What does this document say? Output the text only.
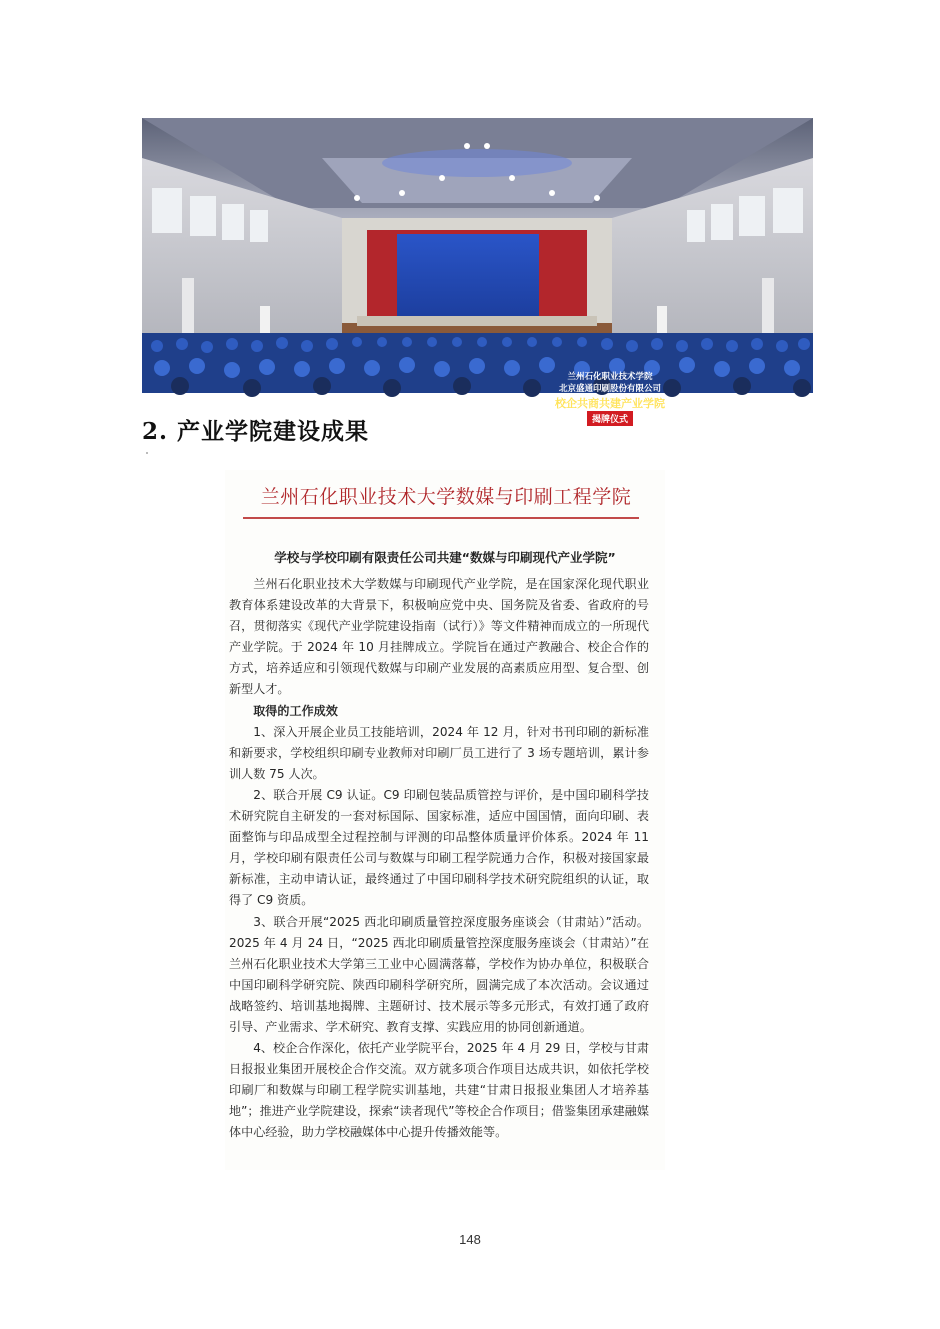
兰州石化职业技术学院
北京盛通印刷股份有限公司
校企共商共建产业学院
揭牌仪式
2. 产业学院建设成果
兰州石化职业技术大学数媒与印刷工程学院
学校与学校印刷有限责任公司共建“数媒与印刷现代产业学院”

兰州石化职业技术大学数媒与印刷现代产业学院，是在国家深化现代职业教育体系建设改革的大背景下，积极响应党中央、国务院及省委、省政府的号召，贯彻落实《现代产业学院建设指南（试行）》等文件精神而成立的一所现代产业学院。于 2024 年 10 月挂牌成立。学院旨在通过产教融合、校企合作的方式，培养适应和引领现代数媒与印刷产业发展的高素质应用型、复合型、创新型人才。

取得的工作成效

1、深入开展企业员工技能培训，2024 年 12 月，针对书刊印刷的新标准和新要求，学校组织印刷专业教师对印刷厂员工进行了 3 场专题培训，累计参训人数 75 人次。

2、联合开展 C9 认证。C9 印刷包装品质管控与评价，是中国印刷科学技术研究院自主研发的一套对标国际、国家标准，适应中国国情，面向印刷、表面整饰与印品成型全过程控制与评测的印品整体质量评价体系。2024 年 11 月，学校印刷有限责任公司与数媒与印刷工程学院通力合作，积极对接国家最新标准，主动申请认证，最终通过了中国印刷科学技术研究院组织的认证，取得了 C9 资质。

3、联合开展“2025 西北印刷质量管控深度服务座谈会（甘肃站）”活动。2025 年 4 月 24 日，“2025 西北印刷质量管控深度服务座谈会（甘肃站）”在兰州石化职业技术大学第三工业中心圆满落幕，学校作为协办单位，积极联合中国印刷科学研究院、陕西印刷科学研究所，圆满完成了本次活动。会议通过战略签约、培训基地揭牌、主题研讨、技术展示等多元形式，有效打通了政府引导、产业需求、学术研究、教育支撑、实践应用的协同创新通道。

4、校企合作深化，依托产业学院平台，2025 年 4 月 29 日，学校与甘肃日报报业集团开展校企合作交流。双方就多项合作项目达成共识，如依托学校印刷厂和数媒与印刷工程学院实训基地，共建“甘肃日报报业集团人才培养基地”；推进产业学院建设，探索“读者现代”等校企合作项目；借鉴集团承建融媒体中心经验，助力学校融媒体中心提升传播效能等。

148
